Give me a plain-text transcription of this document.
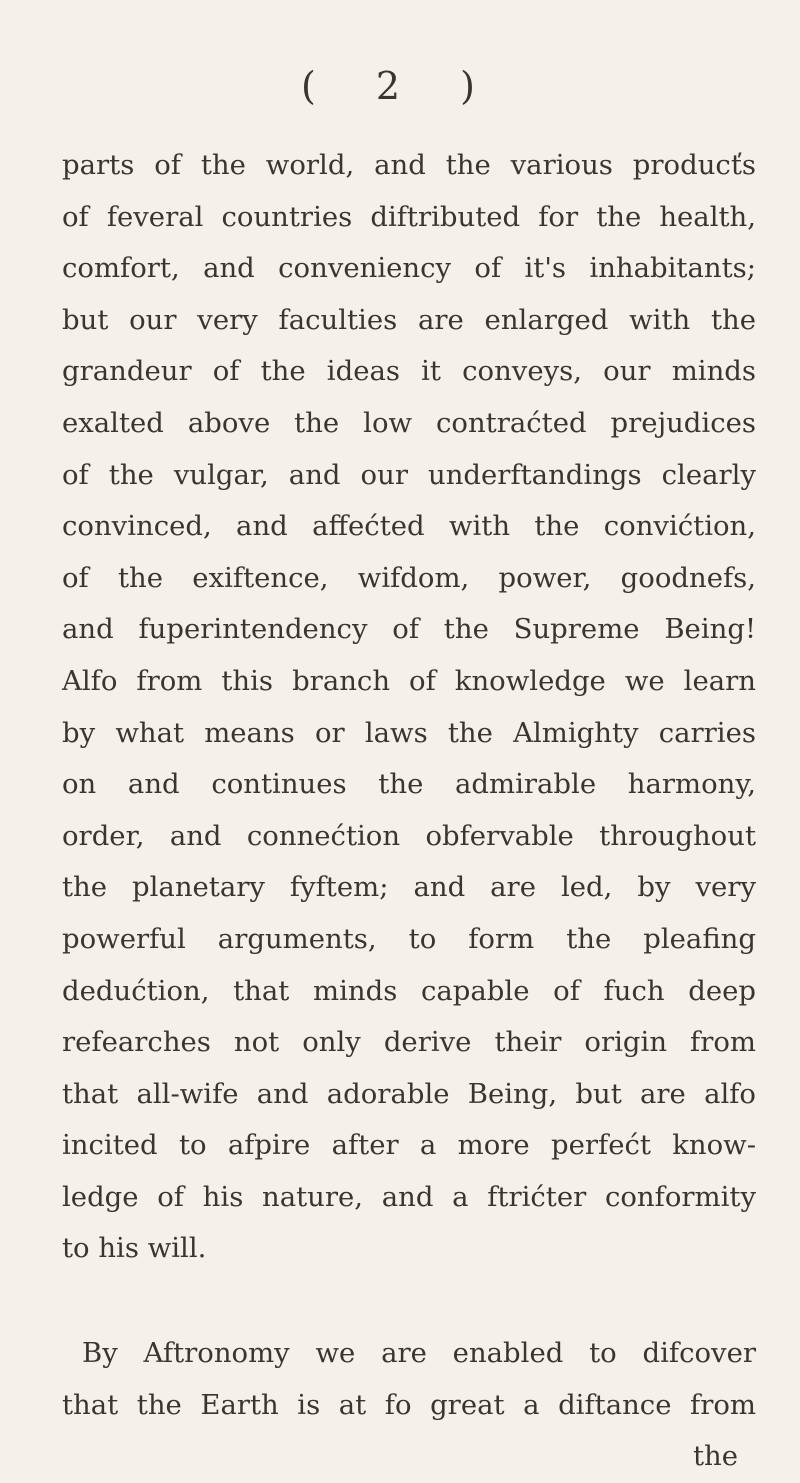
( 2 )
parts of the world, and the various producťs
of feveral countries diftributed for the health,
comfort, and conveniency of it's inhabitants;
but our very faculties are enlarged with the
grandeur of the ideas it conveys, our minds
exalted above the low contraćted prejudices
of the vulgar, and our underftandings clearly
convinced, and affećted with the convićtion,
of the exiftence, wifdom, power, goodnefs,
and fuperintendency of the Supreme Being!
Alfo from this branch of knowledge we learn
by what means or laws the Almighty carries
on and continues the admirable harmony,
order, and connećtion obfervable throughout
the planetary fyftem; and are led, by very
powerful arguments, to form the pleafing
dedućtion, that minds capable of fuch deep
refearches not only derive their origin from
that all-wife and adorable Being, but are alfo
incited to afpire after a more perfećt know-
ledge of his nature, and a ftrićter conformity
to his will.
By Aftronomy we are enabled to difcover
that the Earth is at fo great a diftance from
the
